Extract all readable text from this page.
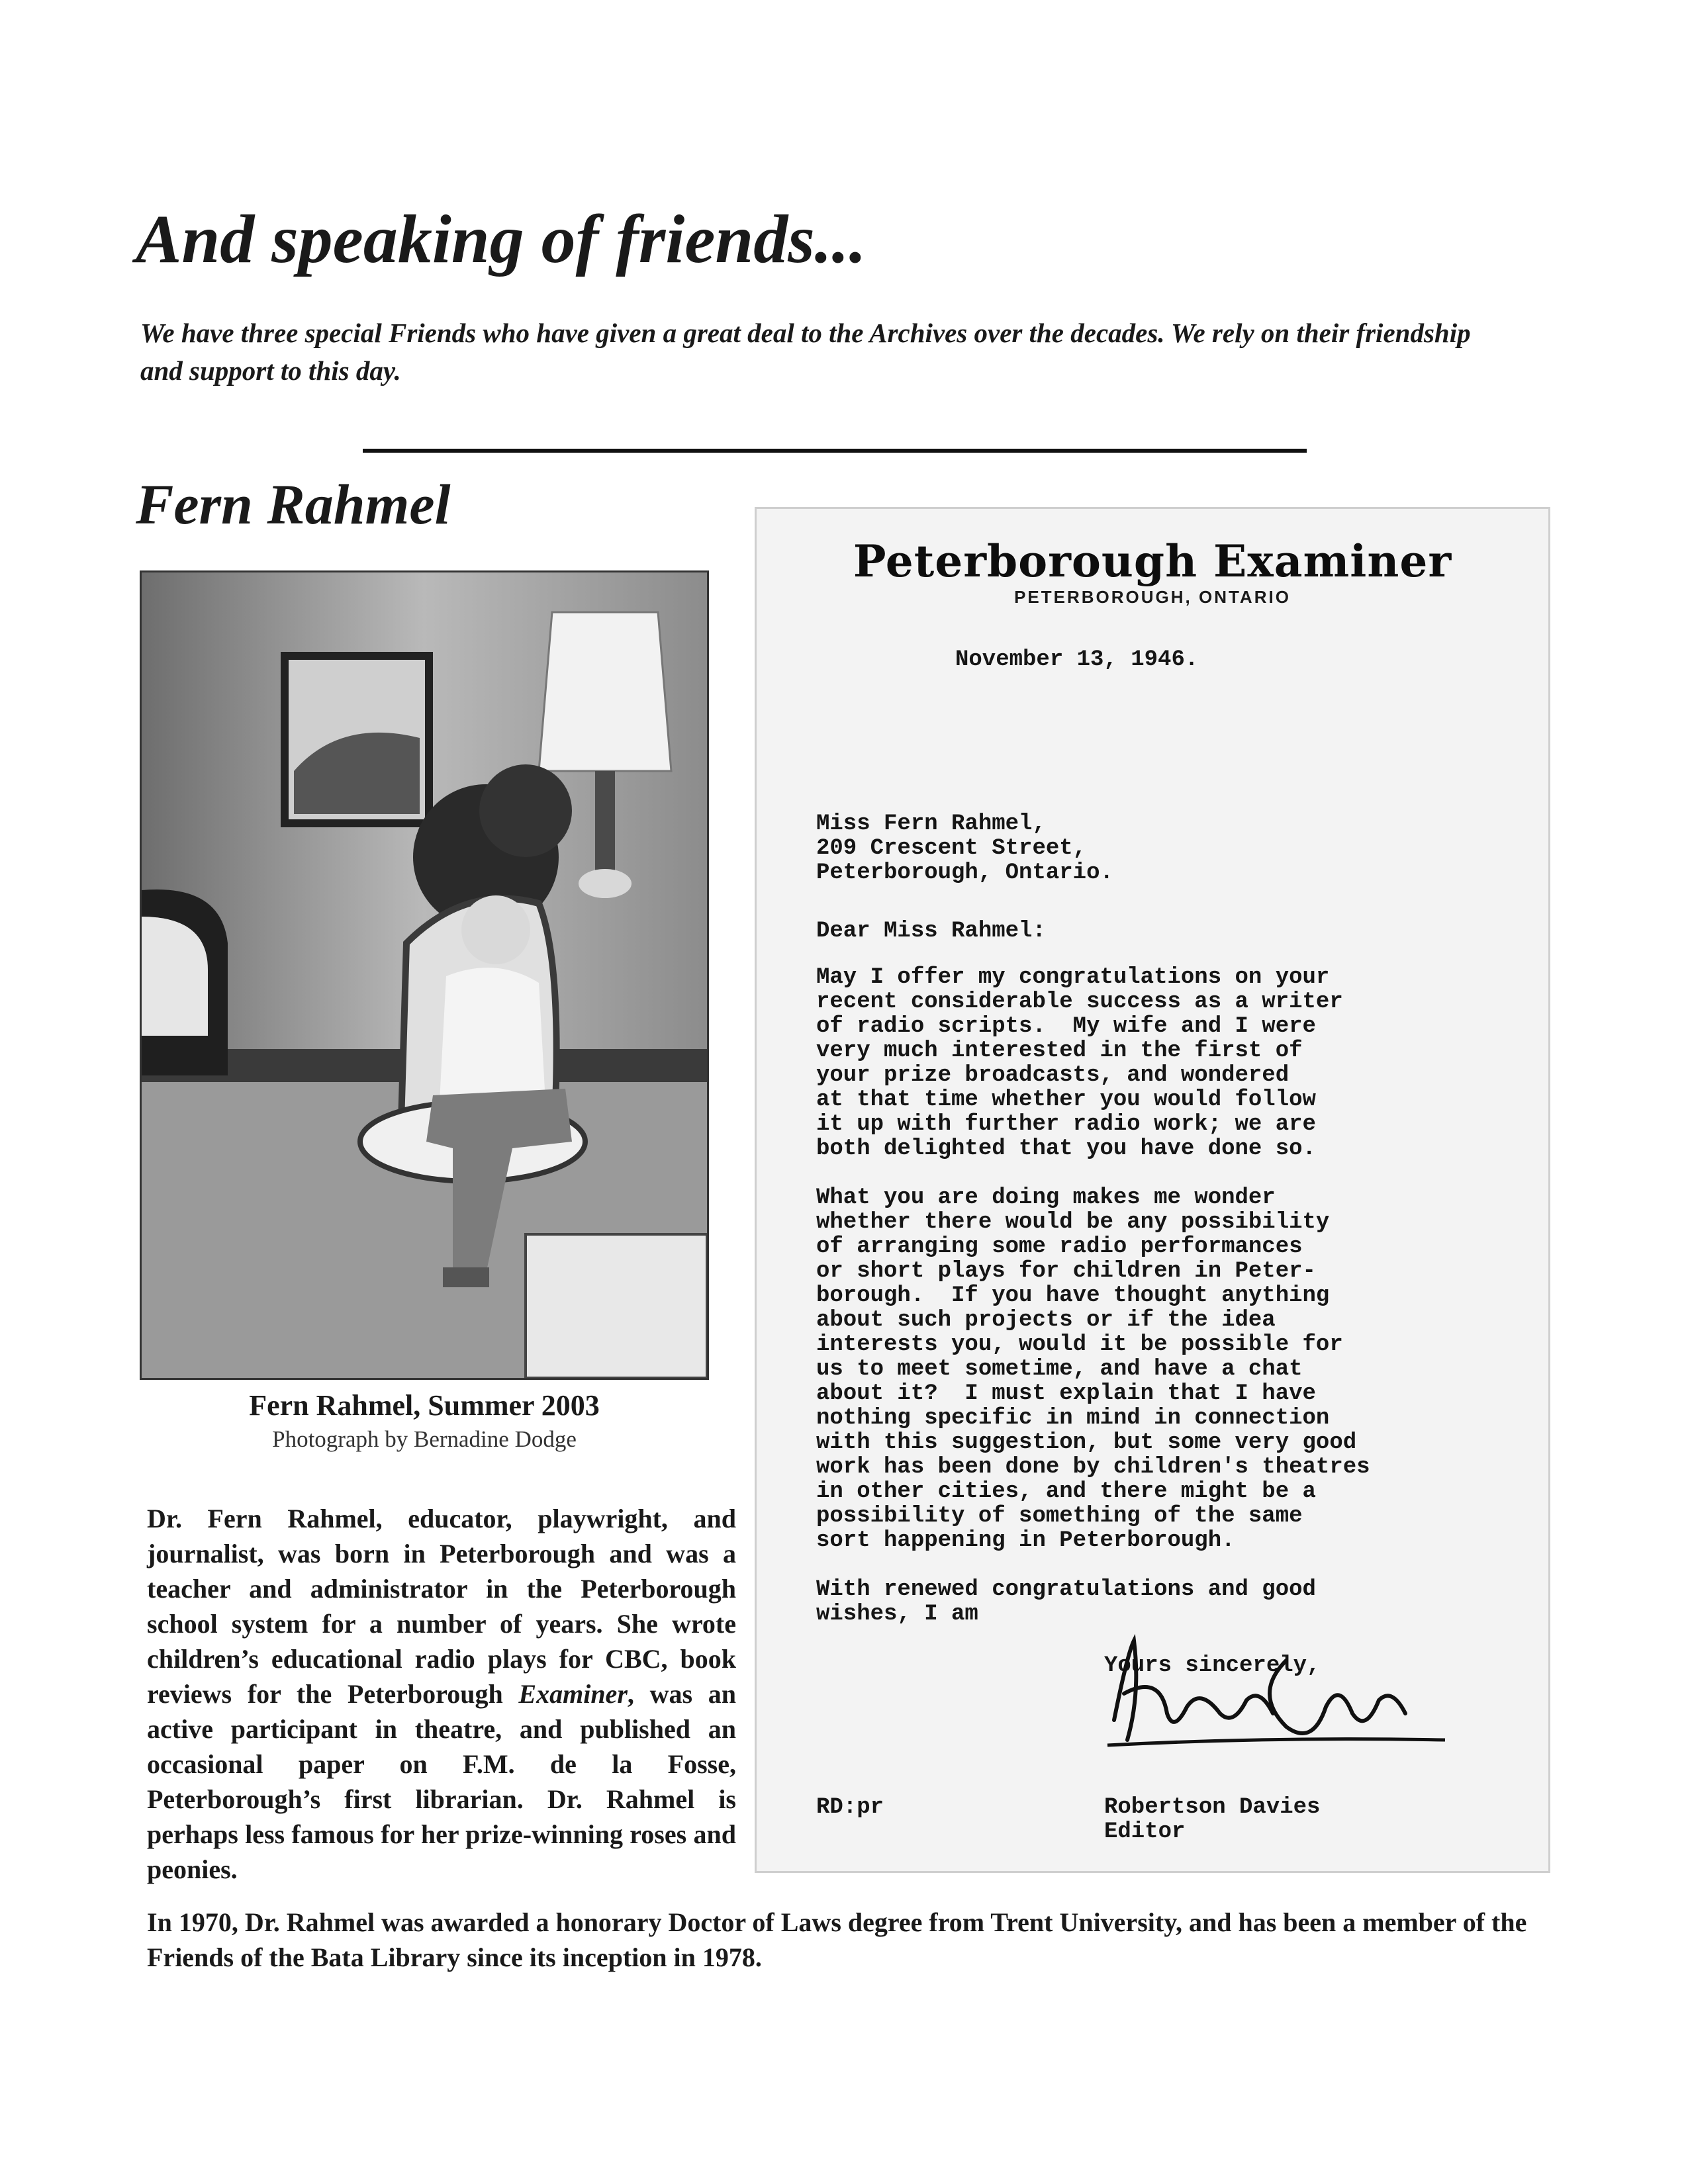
And speaking of friends...
We have three special Friends who have given a great deal to the Archives over the decades. We rely on their friendship and support to this day.
Fern Rahmel
Fern Rahmel, Summer 2003
Photograph by Bernadine Dodge
Dr. Fern Rahmel, educator, playwright, and journalist, was born in Peterborough and was a teacher and administrator in the Peterborough school system for a number of years. She wrote children’s educational radio plays for CBC, book reviews for the Peterborough Examiner, was an active participant in theatre, and published an occasional paper on F.M. de la Fosse, Peterborough’s first librarian. Dr. Rahmel is perhaps less famous for her prize-winning roses and peonies.
Peterborough Examiner
PETERBOROUGH, ONTARIO
November 13, 1946.
Miss Fern Rahmel,
209 Crescent Street,
Peterborough, Ontario.
Dear Miss Rahmel:
May I offer my congratulations on your
recent considerable success as a writer
of radio scripts.  My wife and I were
very much interested in the first of
your prize broadcasts, and wondered
at that time whether you would follow
it up with further radio work; we are
both delighted that you have done so.

What you are doing makes me wonder
whether there would be any possibility
of arranging some radio performances
or short plays for children in Peter-
borough.  If you have thought anything
about such projects or if the idea
interests you, would it be possible for
us to meet sometime, and have a chat
about it?  I must explain that I have
nothing specific in mind in connection
with this suggestion, but some very good
work has been done by children's theatres
in other cities, and there might be a
possibility of something of the same
sort happening in Peterborough.

With renewed congratulations and good
wishes, I am
Yours sincerely,
RD:pr	Robertson Davies
Editor
In 1970, Dr. Rahmel was awarded a honorary Doctor of Laws degree from Trent University, and has been a member of the Friends of the Bata Library since its inception in 1978.
